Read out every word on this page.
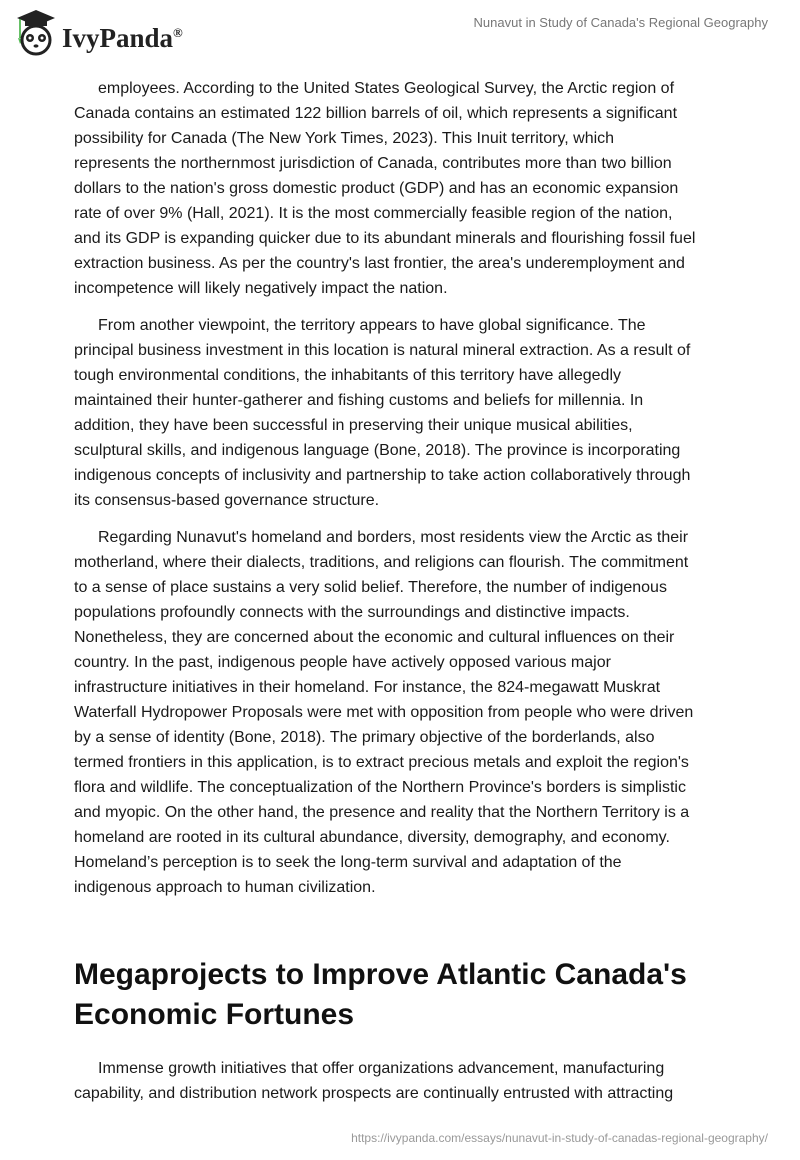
IvyPanda®
Nunavut in Study of Canada's Regional Geography

employees. According to the United States Geological Survey, the Arctic region of
Canada contains an estimated 122 billion barrels of oil, which represents a significant
possibility for Canada (The New York Times, 2023). This Inuit territory, which
represents the northernmost jurisdiction of Canada, contributes more than two billion
dollars to the nation's gross domestic product (GDP) and has an economic expansion
rate of over 9% (Hall, 2021). It is the most commercially feasible region of the nation,
and its GDP is expanding quicker due to its abundant minerals and flourishing fossil fuel
extraction business. As per the country's last frontier, the area's underemployment and
incompetence will likely negatively impact the nation.

From another viewpoint, the territory appears to have global significance. The
principal business investment in this location is natural mineral extraction. As a result of
tough environmental conditions, the inhabitants of this territory have allegedly
maintained their hunter-gatherer and fishing customs and beliefs for millennia. In
addition, they have been successful in preserving their unique musical abilities,
sculptural skills, and indigenous language (Bone, 2018). The province is incorporating
indigenous concepts of inclusivity and partnership to take action collaboratively through
its consensus-based governance structure.

Regarding Nunavut's homeland and borders, most residents view the Arctic as their
motherland, where their dialects, traditions, and religions can flourish. The commitment
to a sense of place sustains a very solid belief. Therefore, the number of indigenous
populations profoundly connects with the surroundings and distinctive impacts.
Nonetheless, they are concerned about the economic and cultural influences on their
country. In the past, indigenous people have actively opposed various major
infrastructure initiatives in their homeland. For instance, the 824-megawatt Muskrat
Waterfall Hydropower Proposals were met with opposition from people who were driven
by a sense of identity (Bone, 2018). The primary objective of the borderlands, also
termed frontiers in this application, is to extract precious metals and exploit the region's
flora and wildlife. The conceptualization of the Northern Province's borders is simplistic
and myopic. On the other hand, the presence and reality that the Northern Territory is a
homeland are rooted in its cultural abundance, diversity, demography, and economy.
Homeland’s perception is to seek the long-term survival and adaptation of the
indigenous approach to human civilization.

Megaprojects to Improve Atlantic Canada's
Economic Fortunes

Immense growth initiatives that offer organizations advancement, manufacturing
capability, and distribution network prospects are continually entrusted with attracting

https://ivypanda.com/essays/nunavut-in-study-of-canadas-regional-geography/
